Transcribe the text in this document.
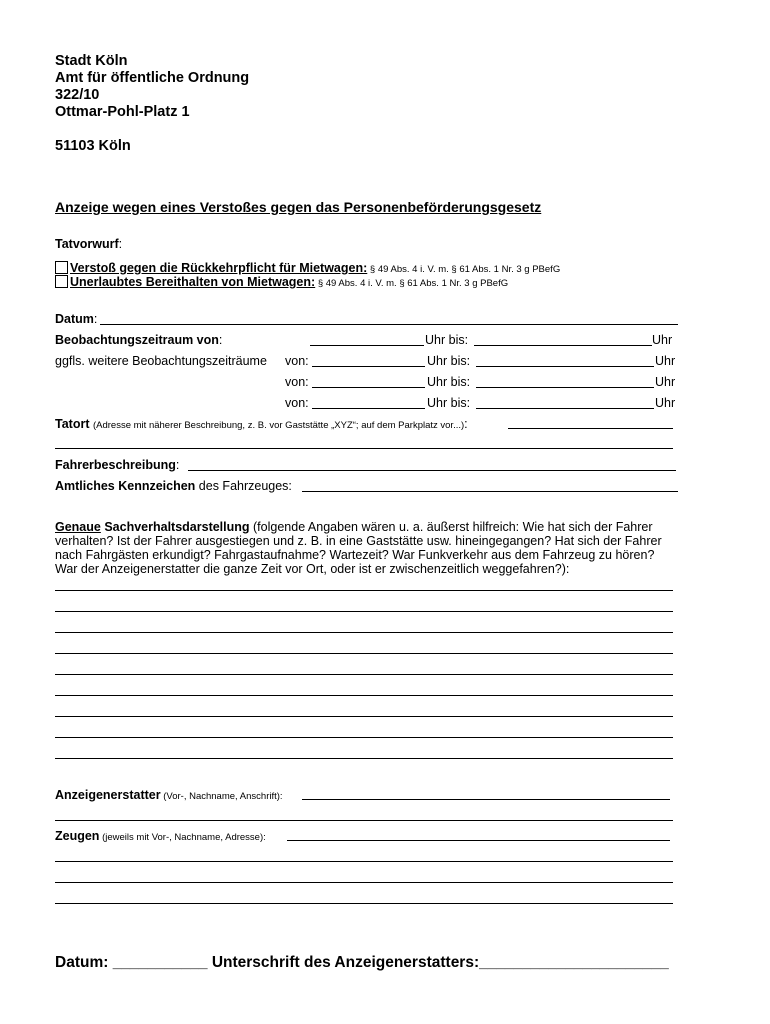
Stadt Köln
Amt für öffentliche Ordnung
322/10
Ottmar-Pohl-Platz 1
51103 Köln
Anzeige wegen eines Verstoßes gegen das Personenbeförderungsgesetz
Tatvorwurf:
Verstoß gegen die Rückkehrpflicht für Mietwagen: § 49 Abs. 4 i. V. m. § 61 Abs. 1 Nr. 3 g PBefG
Unerlaubtes Bereithalten von Mietwagen: § 49 Abs. 4 i. V. m. § 61 Abs. 1 Nr. 3 g PBefG
Datum:
Beobachtungszeitraum von:	Uhr bis:	Uhr
ggfls. weitere Beobachtungszeiträume von:	Uhr bis:	Uhr
von:	Uhr bis:	Uhr
von:	Uhr bis:	Uhr
Tatort (Adresse mit näherer Beschreibung, z. B. vor Gaststätte „XYZ“; auf dem Parkplatz vor...):
Fahrerbeschreibung:
Amtliches Kennzeichen des Fahrzeuges:
Genaue Sachverhaltsdarstellung (folgende Angaben wären u. a. äußerst hilfreich: Wie hat sich der Fahrer verhalten? Ist der Fahrer ausgestiegen und z. B. in eine Gaststätte usw. hineingegangen? Hat sich der Fahrer nach Fahrgästen erkundigt? Fahrgastaufnahme? Wartezeit? War Funkverkehr aus dem Fahrzeug zu hören? War der Anzeigenerstatter die ganze Zeit vor Ort, oder ist er zwischenzeitlich weggefahren?):
Anzeigenerstatter (Vor-, Nachname, Anschrift):
Zeugen (jeweils mit Vor-, Nachname, Adresse):
Datum: ___________ Unterschrift des Anzeigenerstatters:______________________
